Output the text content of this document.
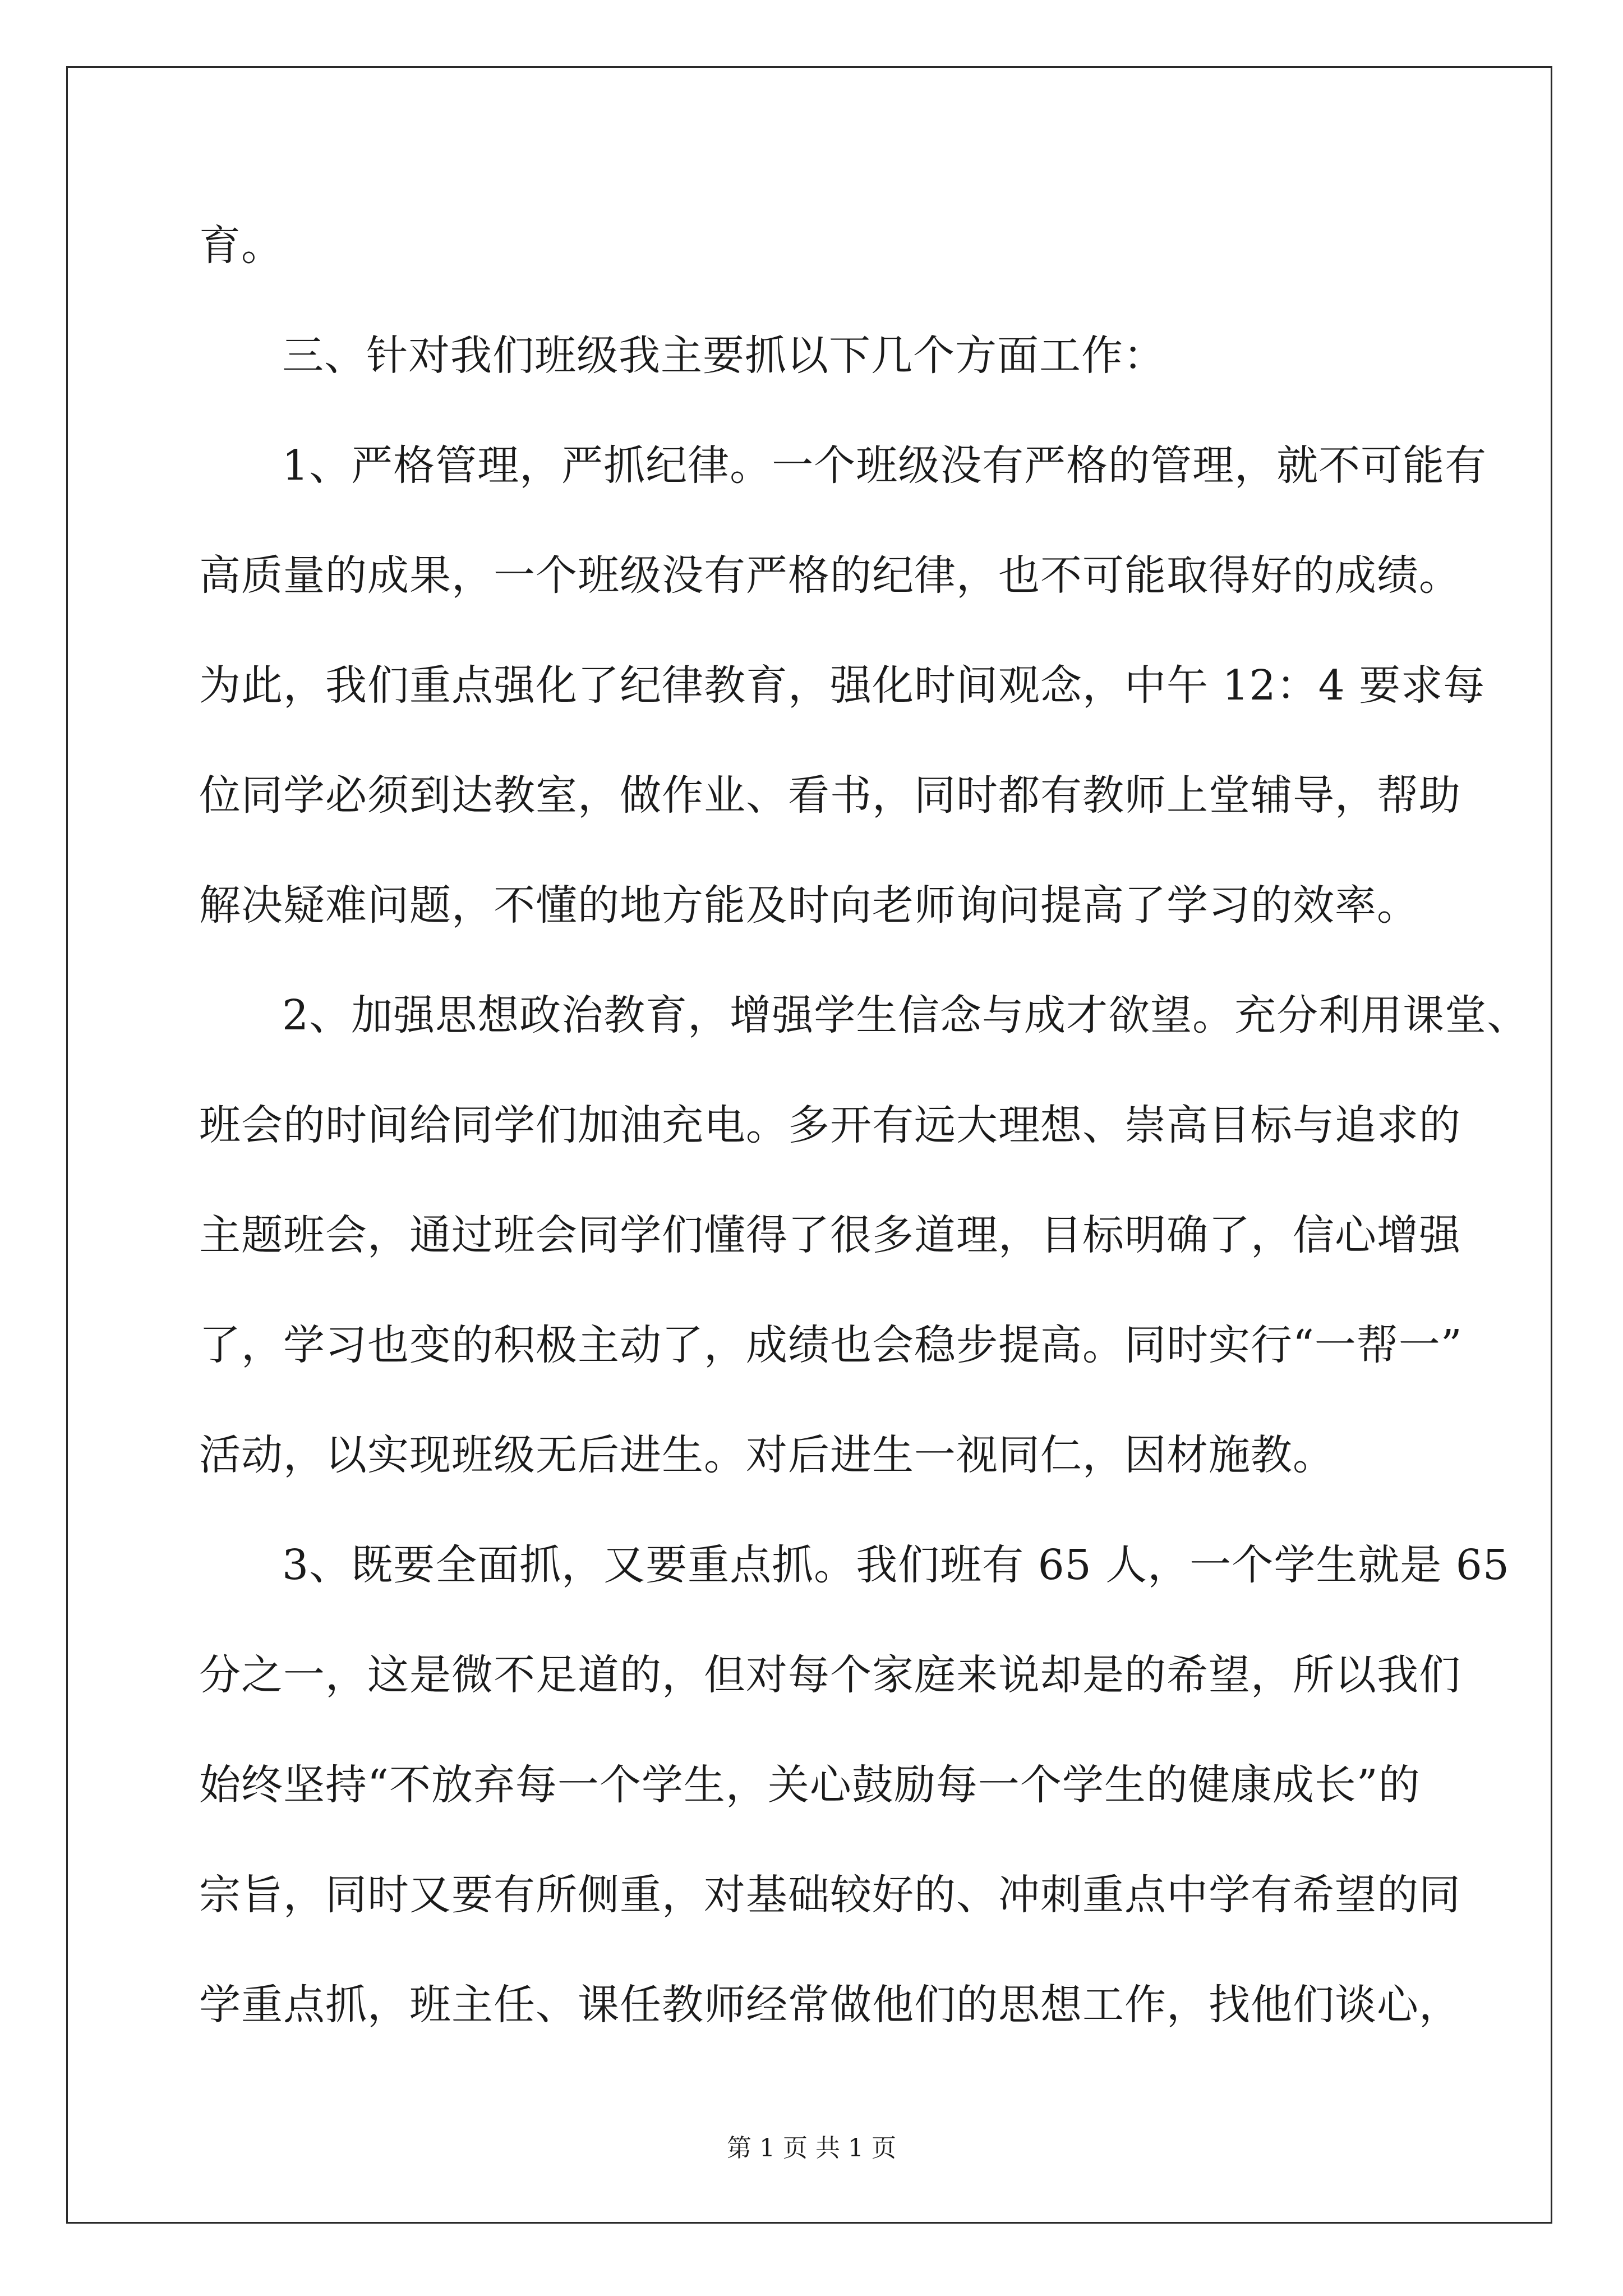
育。
三、针对我们班级我主要抓以下几个方面工作：
1、严格管理，严抓纪律。一个班级没有严格的管理，就不可能有
高质量的成果，一个班级没有严格的纪律，也不可能取得好的成绩。
为此，我们重点强化了纪律教育，强化时间观念，中午 12：4 要求每
位同学必须到达教室，做作业、看书，同时都有教师上堂辅导，帮助
解决疑难问题，不懂的地方能及时向老师询问提高了学习的效率。
2、加强思想政治教育，增强学生信念与成才欲望。充分利用课堂、
班会的时间给同学们加油充电。多开有远大理想、崇高目标与追求的
主题班会，通过班会同学们懂得了很多道理，目标明确了，信心增强
了，学习也变的积极主动了，成绩也会稳步提高。同时实行“一帮一”
活动，以实现班级无后进生。对后进生一视同仁，因材施教。
3、既要全面抓，又要重点抓。我们班有 65 人，一个学生就是 65
分之一，这是微不足道的，但对每个家庭来说却是的希望，所以我们
始终坚持“不放弃每一个学生，关心鼓励每一个学生的健康成长”的
宗旨，同时又要有所侧重，对基础较好的、冲刺重点中学有希望的同
学重点抓，班主任、课任教师经常做他们的思想工作，找他们谈心，
第 1 页 共 1 页
